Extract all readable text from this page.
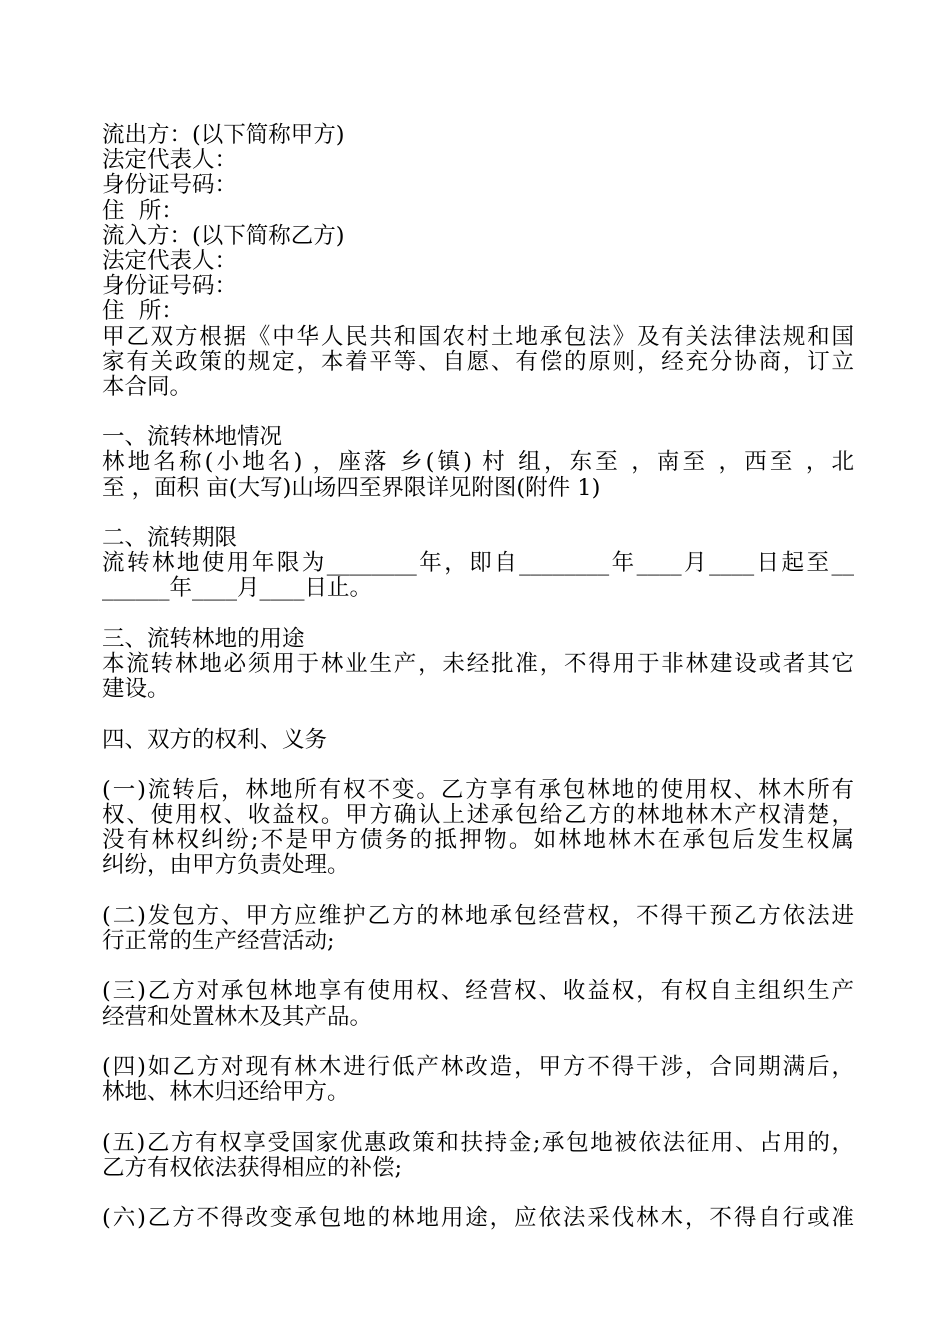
流出方：(以下简称甲方)
法定代表人：
身份证号码：
住  所：
流入方：(以下简称乙方)
法定代表人：
身份证号码：
住  所：
甲乙双方根据《中华人民共和国农村土地承包法》及有关法律法规和国
家有关政策的规定，本着平等、自愿、有偿的原则，经充分协商，订立
本合同。
一、流转林地情况
林地名称(小地名) ，座落 乡(镇) 村 组，东至 ，南至 ，西至 ，北
至 ，面积 亩(大写)山场四至界限详见附图(附件 1)
二、流转期限
流转林地使用年限为________年，即自________年____月____日起至__
______年____月____日止。
三、流转林地的用途
本流转林地必须用于林业生产，未经批准，不得用于非林建设或者其它
建设。
四、双方的权利、义务
(一)流转后，林地所有权不变。乙方享有承包林地的使用权、林木所有
权、使用权、收益权。甲方确认上述承包给乙方的林地林木产权清楚，
没有林权纠纷;不是甲方债务的抵押物。如林地林木在承包后发生权属
纠纷，由甲方负责处理。
(二)发包方、甲方应维护乙方的林地承包经营权，不得干预乙方依法进
行正常的生产经营活动;
(三)乙方对承包林地享有使用权、经营权、收益权，有权自主组织生产
经营和处置林木及其产品。
(四)如乙方对现有林木进行低产林改造，甲方不得干涉，合同期满后，
林地、林木归还给甲方。
(五)乙方有权享受国家优惠政策和扶持金;承包地被依法征用、占用的，
乙方有权依法获得相应的补偿;
(六)乙方不得改变承包地的林地用途，应依法采伐林木，不得自行或准
